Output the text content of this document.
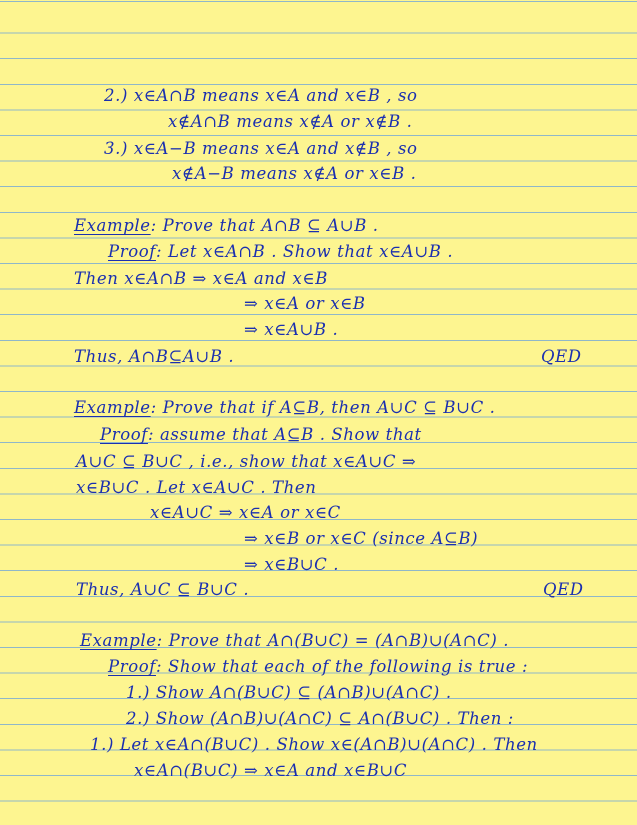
2.) x∈A∩B means x∈A and x∈B , so
x∉A∩B means x∉A or x∉B .
3.) x∈A−B means x∈A and x∉B , so
x∉A−B means x∉A or x∈B .
Example: Prove that A∩B ⊆ A∪B .
Proof: Let x∈A∩B . Show that x∈A∪B .
Then x∈A∩B ⇒ x∈A and x∈B
⇒ x∈A or x∈B
⇒ x∈A∪B .
Thus, A∩B⊆A∪B .	QED
Example: Prove that if A⊆B, then A∪C ⊆ B∪C .
Proof: assume that A⊆B . Show that
A∪C ⊆ B∪C , i.e., show that x∈A∪C ⇒
x∈B∪C . Let x∈A∪C . Then
x∈A∪C ⇒ x∈A or x∈C
⇒ x∈B or x∈C (since A⊆B)
⇒ x∈B∪C .
Thus, A∪C ⊆ B∪C .	QED
Example: Prove that A∩(B∪C) = (A∩B)∪(A∩C) .
Proof: Show that each of the following is true :
1.) Show A∩(B∪C) ⊆ (A∩B)∪(A∩C) .
2.) Show (A∩B)∪(A∩C) ⊆ A∩(B∪C) . Then :
1.) Let x∈A∩(B∪C) . Show x∈(A∩B)∪(A∩C) . Then
x∈A∩(B∪C) ⇒ x∈A and x∈B∪C
